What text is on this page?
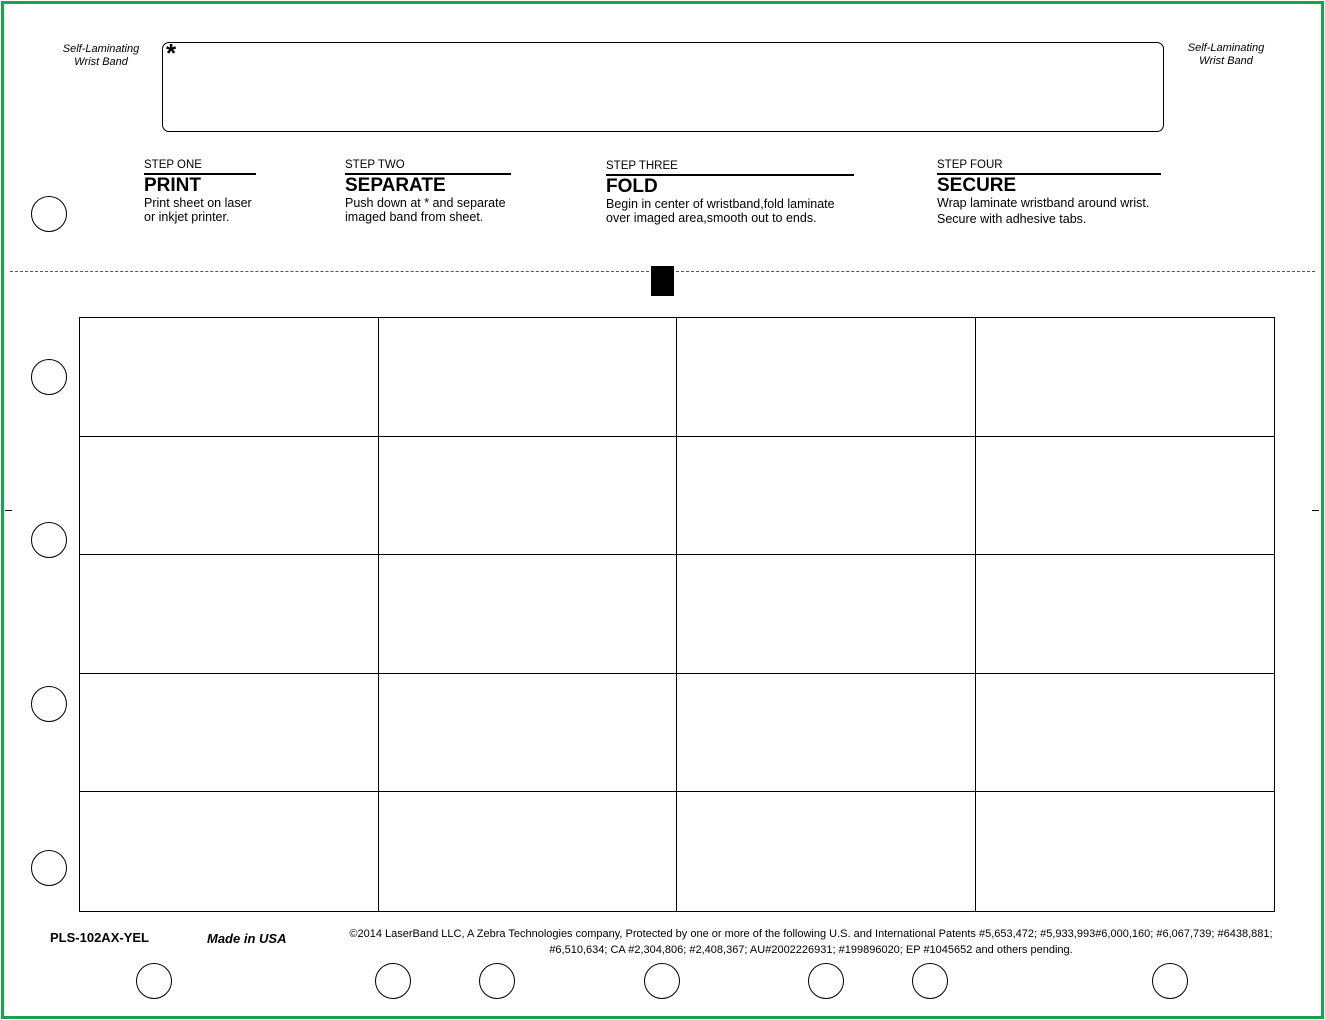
Self-Laminating
Wrist Band
Self-Laminating
Wrist Band
*
STEP ONE
PRINT
Print sheet on laser
or inkjet printer.
STEP TWO
SEPARATE
Push down at * and separate
imaged band from sheet.
STEP THREE
FOLD
Begin in center of wristband,fold laminate
over imaged area,smooth out to ends.
STEP FOUR
SECURE
Wrap laminate wristband around wrist.
Secure with adhesive tabs.
PLS-102AX-YEL	Made in USA	©2014 LaserBand LLC, A Zebra Technologies company, Protected by one or more of the following U.S. and International Patents #5,653,472; #5,933,993#6,000,160; #6,067,739; #6438,881;
#6,510,634; CA #2,304,806; #2,408,367; AU#2002226931; #199896020; EP #1045652 and others pending.
